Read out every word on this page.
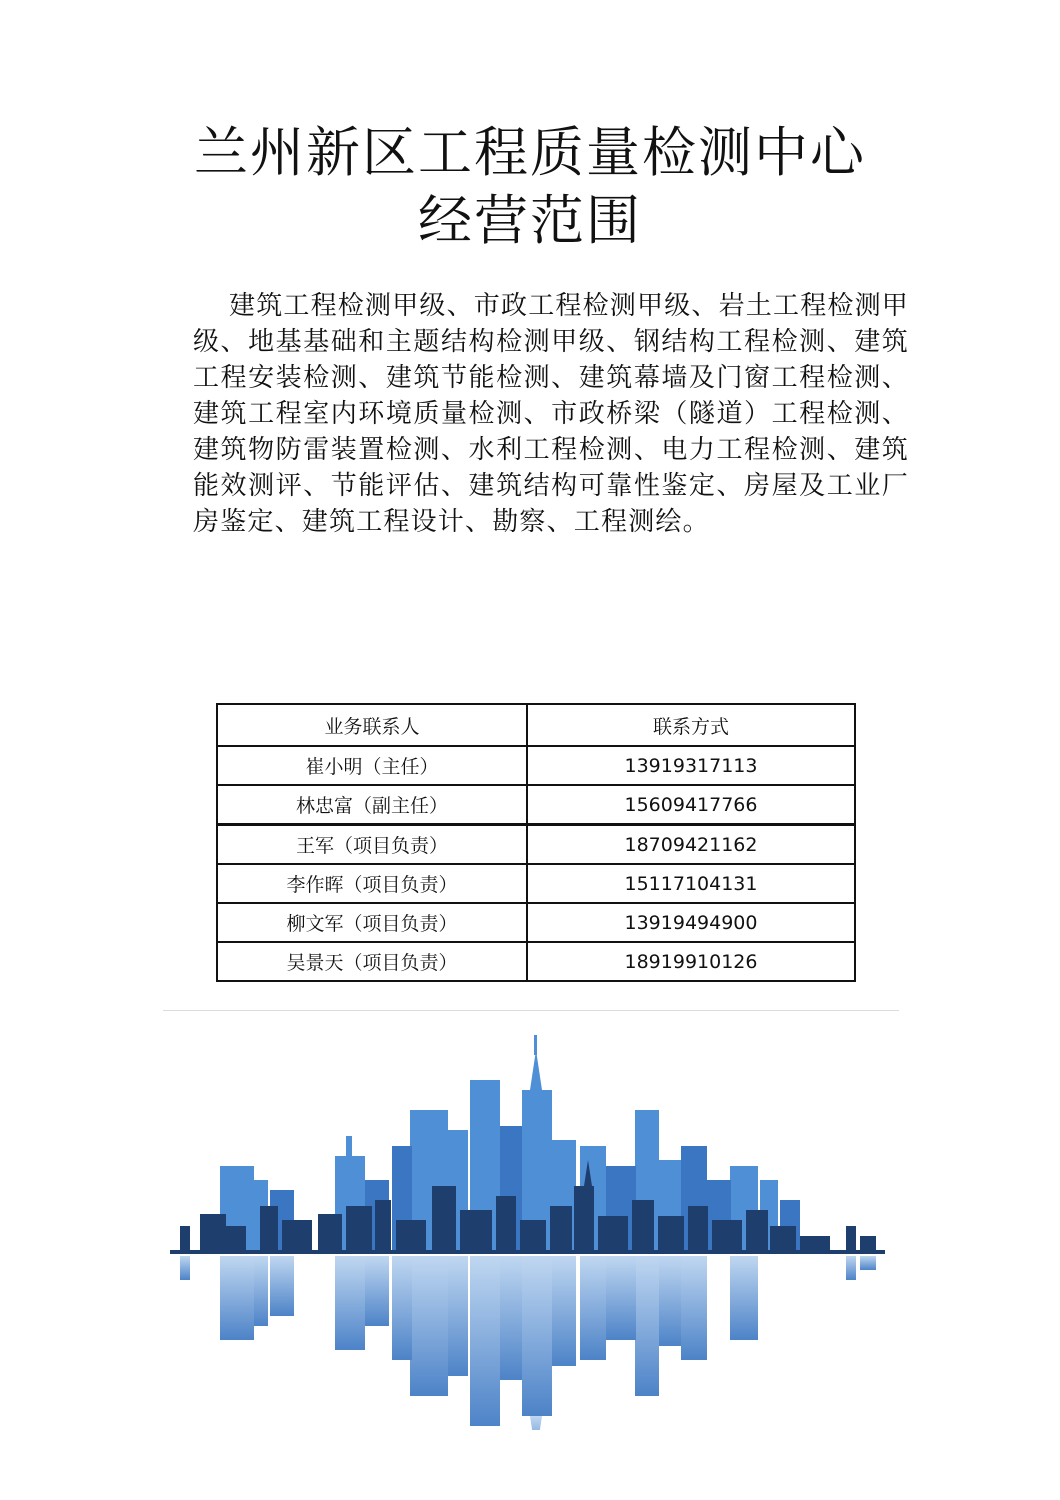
兰州新区工程质量检测中心
经营范围

建筑工程检测甲级、市政工程检测甲级、岩土工程检测甲级、地基基础和主题结构检测甲级、钢结构工程检测、建筑工程安装检测、建筑节能检测、建筑幕墙及门窗工程检测、建筑工程室内环境质量检测、市政桥梁（隧道）工程检测、建筑物防雷装置检测、水利工程检测、电力工程检测、建筑能效测评、节能评估、建筑结构可靠性鉴定、房屋及工业厂房鉴定、建筑工程设计、勘察、工程测绘。

业务联系人	联系方式
崔小明（主任）	13919317113
林忠富（副主任）	15609417766
王军（项目负责）	18709421162
李作晖（项目负责）	15117104131
柳文军（项目负责）	13919494900
吴景天（项目负责）	18919910126
